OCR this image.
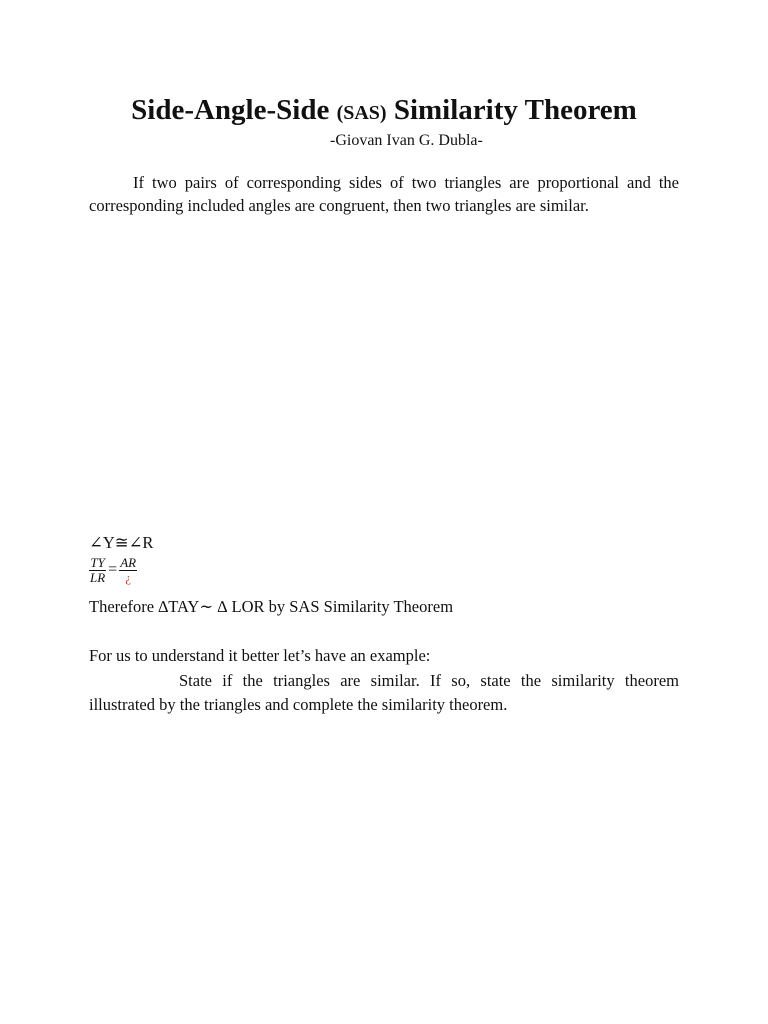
Side-Angle-Side (SAS) Similarity Theorem
-Giovan Ivan G. Dubla-

If two pairs of corresponding sides of two triangles are proportional and the corresponding included angles are congruent, then two triangles are similar.

∠Y≅∠R
$\frac{TY}{LR} = \frac{AR}{¿}$
Therefore ∆TAY∼ ∆ LOR by SAS Similarity Theorem
For us to understand it better let’s have an example:

State if the triangles are similar. If so, state the similarity theorem illustrated by the triangles and complete the similarity theorem.
